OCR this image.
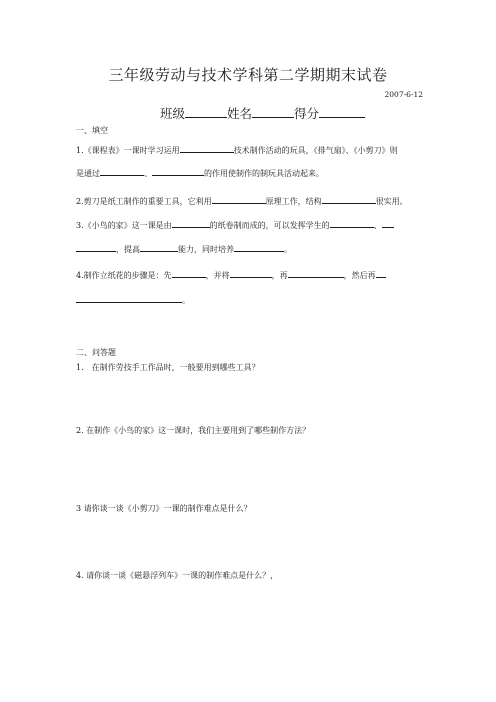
三年级劳动与技术学科第二学期期末试卷
2007-6-12
班级	姓名	得分
一、填空
1.《课程表》一课时学习运用	技术制作活动的玩具，《排气扇》、《小剪刀》则
是通过	、	的作用使制作的制玩具活动起来。
2.剪刀是纸工制作的重要工具，它利用	原理工作，结构	很实用。
3.《小鸟的家》这一课是由	的纸卷制而成的，可以发挥学生的	、
，提高	能力，同时培养	。
4.制作立纸花的步骤是：先	，并将	，再	，然后再
。
二、问答题
1.　在制作劳技手工作品时，一般要用到哪些工具？
2. 在制作《小鸟的家》这一课时，我们主要用到了哪些制作方法？
3 请你谈一谈《小剪刀》一课的制作难点是什么？
4. 请你谈一谈《磁悬浮列车》一课的制作难点是什么？，
